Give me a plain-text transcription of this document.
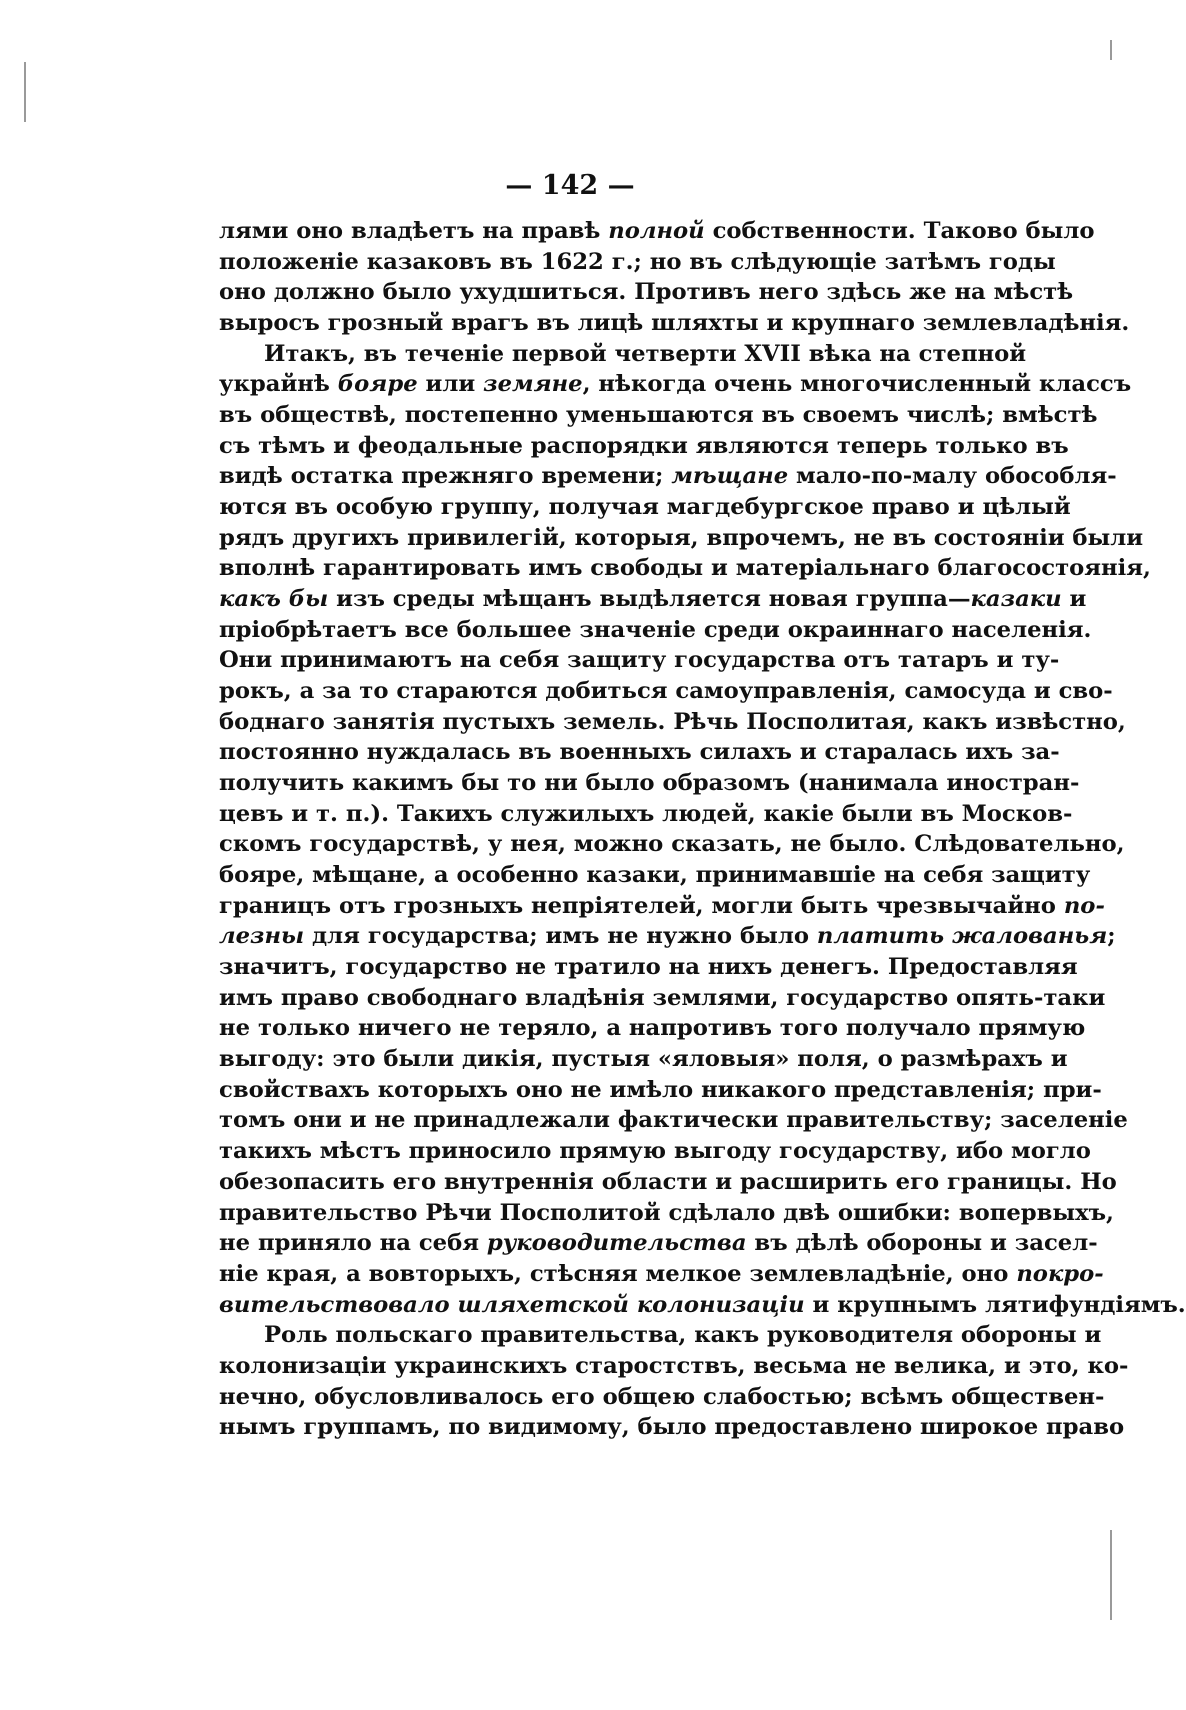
— 142 —
лями оно владѣетъ на правѣ полной собственности. Таково было
положеніе казаковъ въ 1622 г.; но въ слѣдующіе затѣмъ годы
оно должно было ухудшиться. Противъ него здѣсь же на мѣстѣ
выросъ грозный врагъ въ лицѣ шляхты и крупнаго землевладѣнія.
Итакъ, въ теченіе первой четверти XVII вѣка на степной
украйнѣ бояре или земяне, нѣкогда очень многочисленный классъ
въ обществѣ, постепенно уменьшаются въ своемъ числѣ; вмѣстѣ
съ тѣмъ и феодальные распорядки являются теперь только въ
видѣ остатка прежняго времени; мѣщане мало-по-малу обособля-
ются въ особую группу, получая магдебургское право и цѣлый
рядъ другихъ привилегій, которыя, впрочемъ, не въ состояніи были
вполнѣ гарантировать имъ свободы и матеріальнаго благосостоянія,
какъ бы изъ среды мѣщанъ выдѣляется новая группа—казаки и
пріобрѣтаетъ все большее значеніе среди окраиннаго населенія.
Они принимаютъ на себя защиту государства отъ татаръ и ту-
рокъ, а за то стараются добиться самоуправленія, самосуда и сво-
боднаго занятія пустыхъ земель. Рѣчь Посполитая, какъ извѣстно,
постоянно нуждалась въ военныхъ силахъ и старалась ихъ за-
получить какимъ бы то ни было образомъ (нанимала иностран-
цевъ и т. п.). Такихъ служилыхъ людей, какіе были въ Москов-
скомъ государствѣ, у нея, можно сказать, не было. Слѣдовательно,
бояре, мѣщане, а особенно казаки, принимавшіе на себя защиту
границъ отъ грозныхъ непріятелей, могли быть чрезвычайно по-
лезны для государства; имъ не нужно было платить жалованья;
значитъ, государство не тратило на нихъ денегъ. Предоставляя
имъ право свободнаго владѣнія землями, государство опять-таки
не только ничего не теряло, а напротивъ того получало прямую
выгоду: это были дикія, пустыя «яловыя» поля, о размѣрахъ и
свойствахъ которыхъ оно не имѣло никакого представленія; при-
томъ они и не принадлежали фактически правительству; заселеніе
такихъ мѣстъ приносило прямую выгоду государству, ибо могло
обезопасить его внутреннія области и расширить его границы. Но
правительство Рѣчи Посполитой сдѣлало двѣ ошибки: вопервыхъ,
не приняло на себя руководительства въ дѣлѣ обороны и засел-
ніе края, а вовторыхъ, стѣсняя мелкое землевладѣніе, оно покро-
вительствовало шляхетской колонизаціи и крупнымъ лятифундіямъ.
Роль польскаго правительства, какъ руководителя обороны и
колонизаціи украинскихъ старостствъ, весьма не велика, и это, ко-
нечно, обусловливалось его общею слабостью; всѣмъ обществен-
нымъ группамъ, по видимому, было предоставлено широкое право
